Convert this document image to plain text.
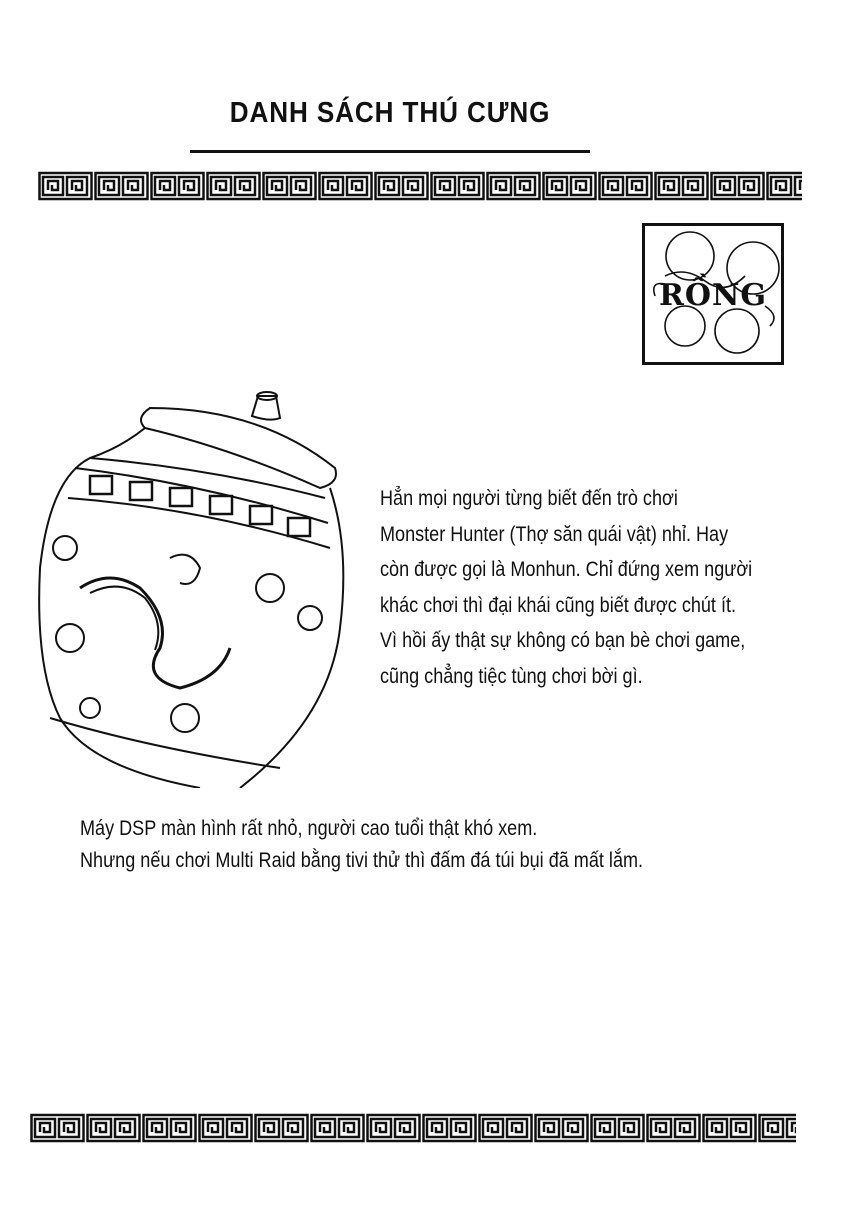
DANH SÁCH THÚ CƯNG
RỒNG
Hẳn mọi người từng biết đến trò chơi
Monster Hunter (Thợ săn quái vật) nhỉ. Hay
còn được gọi là Monhun. Chỉ đứng xem người
khác chơi thì đại khái cũng biết được chút ít.
Vì hồi ấy thật sự không có bạn bè chơi game,
cũng chẳng tiệc tùng chơi bời gì.
Máy DSP màn hình rất nhỏ, người cao tuổi thật khó xem.
Nhưng nếu chơi Multi Raid bằng tivi thử thì đấm đá túi bụi đã mất lắm.
